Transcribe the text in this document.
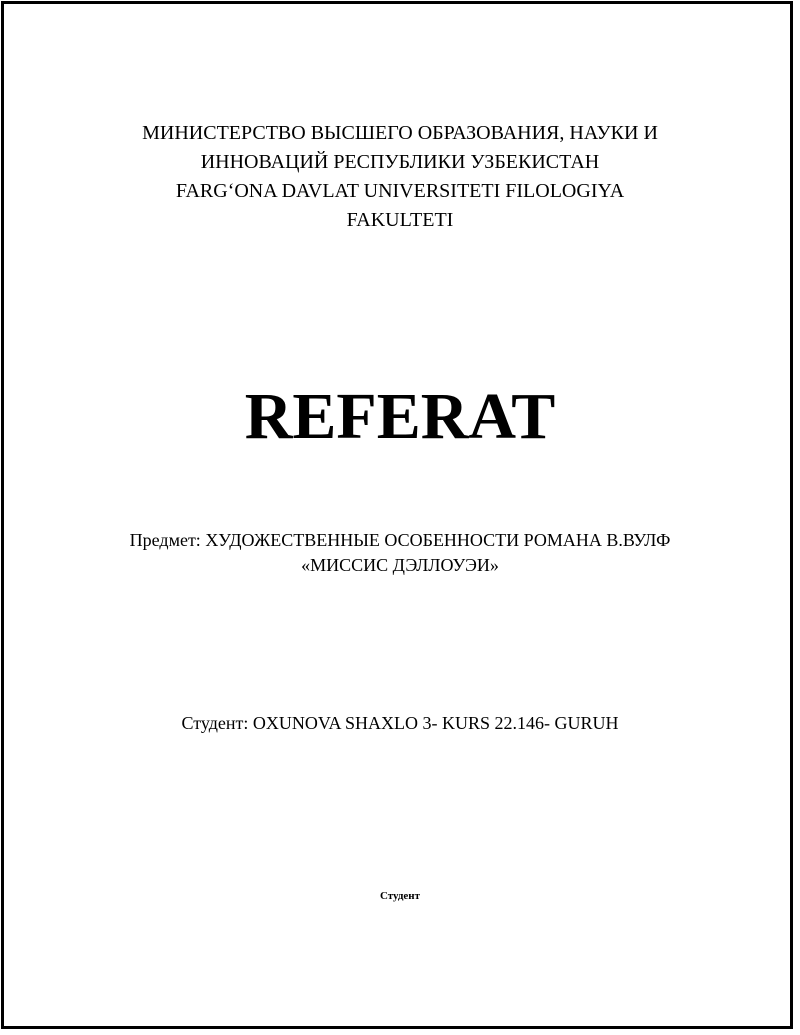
МИНИСТЕРСТВО ВЫСШЕГО ОБРАЗОВАНИЯ, НАУКИ И
ИННОВАЦИЙ РЕСПУБЛИКИ УЗБЕКИСТАН
FARG‘ONA DAVLAT UNIVERSITETI FILOLOGIYA
FAKULTETI
REFERAT
Предмет: ХУДОЖЕСТВЕННЫЕ ОСОБЕННОСТИ РОМАНА В.ВУЛФ
«МИССИС ДЭЛЛОУЭИ»
Студент: OXUNOVA SHAXLO 3- KURS 22.146- GURUH
Студент
